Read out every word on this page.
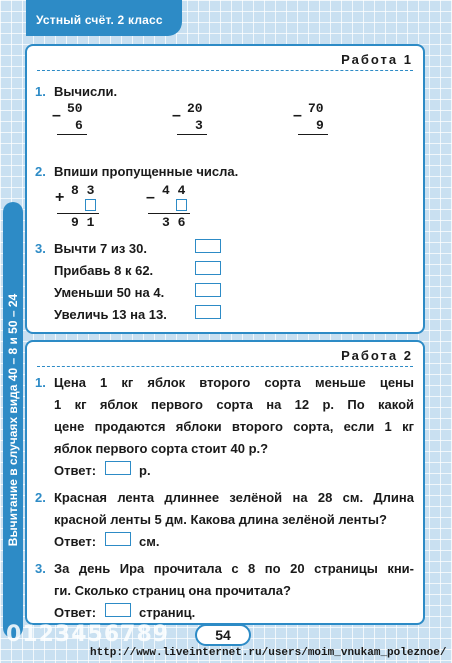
Устный счёт. 2 класс
Вычитание в случаях вида 40 – 8 и 50 – 24
Работа 1
1. Вычисли.
50
–
6
20
–
3
70
–
9
2. Впиши пропущенные числа.
8 3
+
9 1
4 4
–
3 6
3. Вычти 7 из 30.
Прибавь 8 к 62.
Уменьши 50 на 4.
Увеличь 13 на 13.
Работа 2
1. Цена 1 кг яблок второго сорта меньше цены
1 кг яблок первого сорта на 12 р. По какой
цене продаются яблоки второго сорта, если 1 кг
яблок первого сорта стоит 40 р.?
Ответ:	р.
2. Красная лента длиннее зелёной на 28 см. Длина
красной ленты 5 дм. Какова длина зелёной ленты?
Ответ:	см.
3. За день Ира прочитала с 8 по 20 страницы кни-
ги. Сколько страниц она прочитала?
Ответ:	страниц.
0123456789	54
http://www.liveinternet.ru/users/moim_vnukam_poleznoe/
